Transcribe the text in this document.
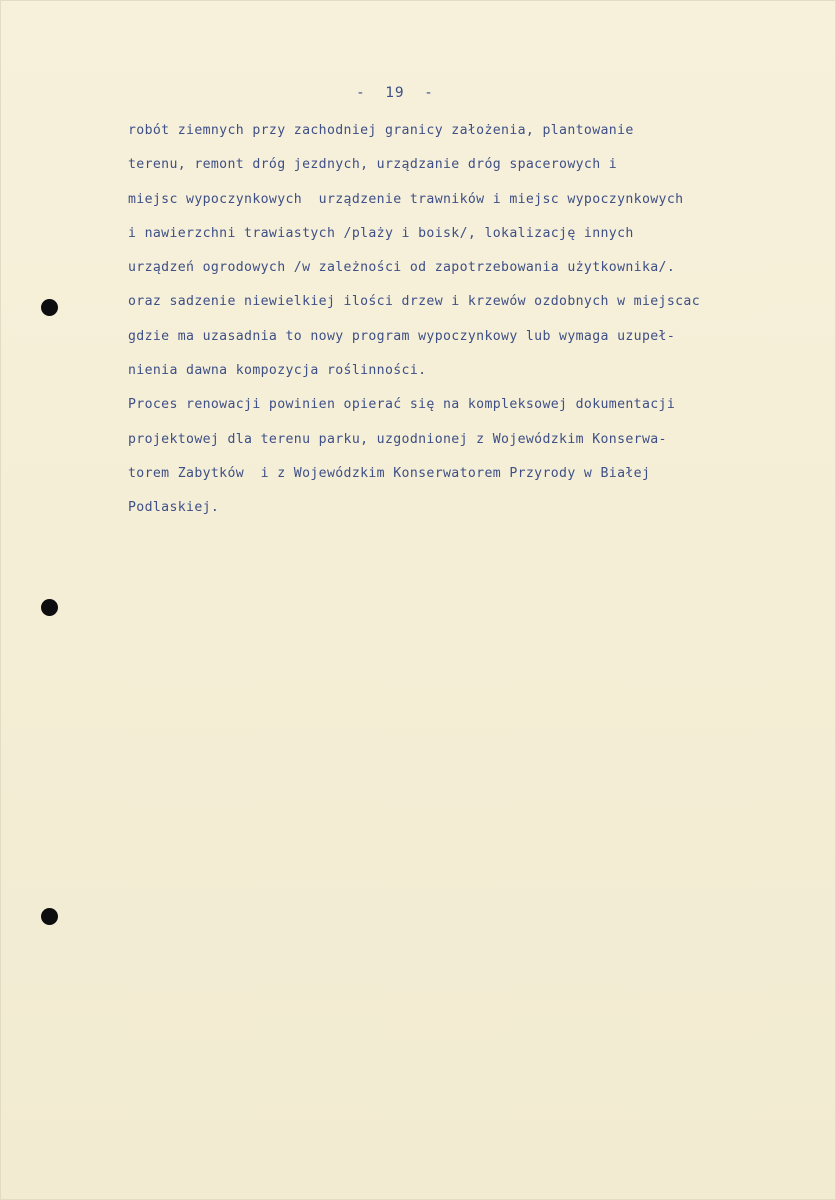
-  19  -
robót ziemnych przy zachodniej granicy założenia, plantowanie
terenu, remont dróg jezdnych, urządzanie dróg spacerowych i
miejsc wypoczynkowych  urządzenie trawników i miejsc wypoczynkowych
i nawierzchni trawiastych /plaży i boisk/, lokalizację innych
urządzeń ogrodowych /w zależności od zapotrzebowania użytkownika/.
oraz sadzenie niewielkiej ilości drzew i krzewów ozdobnych w miejscac
gdzie ma uzasadnia to nowy program wypoczynkowy lub wymaga uzupeł-
nienia dawna kompozycja roślinności.
Proces renowacji powinien opierać się na kompleksowej dokumentacji
projektowej dla terenu parku, uzgodnionej z Wojewódzkim Konserwa-
torem Zabytków  i z Wojewódzkim Konserwatorem Przyrody w Białej
Podlaskiej.
